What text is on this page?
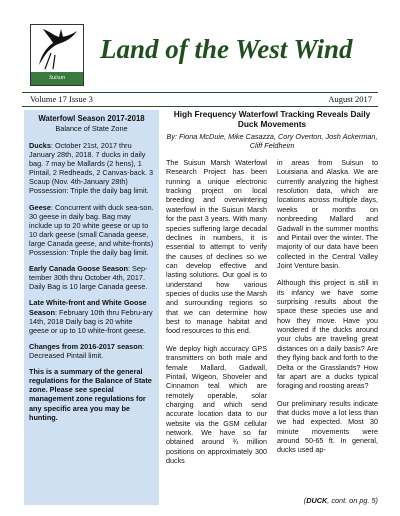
Suisun
Land of the West Wind
Volume 17 Issue 3	August 2017
Waterfowl Season 2017-2018
Balance of State Zone

Ducks: October 21st, 2017 thru January 28th, 2018. 7 ducks in daily bag. 7 may be Mallards (2 hens), 1 Pintail, 2 Redheads, 2 Canvas-back. 3 Scaup (Nov. 4th-January 28th) Possession: Triple the daily bag limit.

Geese: Concurrent with duck sea-son. 30 geese in daily bag. Bag may include up to 20 white geese or up to 10 dark geese (small Canada geese, large Canada geese, and white-fronts) Possession: Triple the daily bag limit.

Early Canada Goose Season: Sep-tember 30th thru October 4th, 2017. Daily Bag is 10 large Canada geese.

Late White-front and White Goose Season: February 10th thru Febru-ary 14th, 2018 Daily bag is 20 white geese or up to 10 white-front geese.

Changes from 2016-2017 season: Decreased Pintail limit.

This is a summary of the general regulations for the Balance of State zone. Please see special management zone regulations for any specific area you may be hunting.

High Frequency Waterfowl Tracking Reveals Daily Duck Movements
By: Fiona McDuie, Mike Casazza, Cory Overton, Josh Ackerman, Cliff Feldheim

The Suisun Marsh Waterfowl Research Project has been running a unique electronic tracking project on local breeding and overwintering waterfowl in the Suisun Marsh for the past 3 years. With many species suffering large decadal declines in numbers, it is essential to attempt to verify the causes of declines so we can develop effective and lasting solutions. Our goal is to understand how various species of ducks use the Marsh and surrounding regions so that we can determine how best to manage habitat and food resources to this end.

We deploy high accuracy GPS transmitters on both male and female Mallard, Gadwall, Pintail, Wigeon, Shoveler and Cinnamon teal which are remotely operable, solar charging and which send accurate location data to our website via the GSM cellular network. We have so far obtained around ¾ million positions on approximately 300 ducks

in areas from Suisun to Louisiana and Alaska. We are currently analyzing the highest resolution data, which are locations across multiple days, weeks or months on nonbreeding Mallard and Gadwall in the summer months and Pintail over the winter. The majority of our data have been collected in the Central Valley Joint Venture basin.

Although this project is still in its infancy we have some surprising results about the space these species use and how they move. Have you wondered if the ducks around your clubs are traveling great distances on a daily basis? Are they flying back and forth to the Delta or the Grasslands? How far apart are a ducks typical foraging and roosting areas?

Our preliminary results indicate that ducks move a lot less than we had expected. Most 30 minute movements were around 50-65 ft. In general, ducks used ap-

(DUCK, cont. on pg. 5)
